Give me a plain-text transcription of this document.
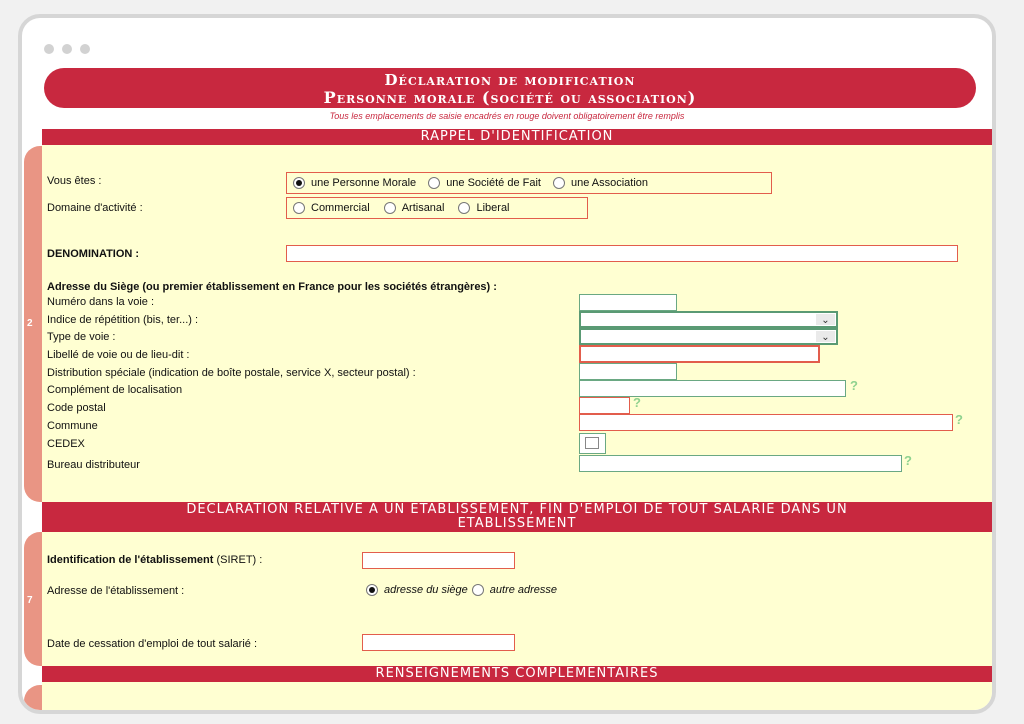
Déclaration de modification
Personne morale (société ou association)
Tous les emplacements de saisie encadrés en rouge doivent obligatoirement être remplis
RAPPEL D'IDENTIFICATION
2
Vous êtes :	une Personne Morale	une Société de Fait	une Association
Domaine d'activité :	Commercial	Artisanal	Liberal
DENOMINATION :
Adresse du Siège (ou premier établissement en France pour les sociétés étrangères) :
Numéro dans la voie :
Indice de répétition (bis, ter...) :	⌄
Type de voie :	⌄
Libellé de voie ou de lieu-dit :
Distribution spéciale (indication de boîte postale, service X, secteur postal) :
Complément de localisation	?
Code postal	?
Commune	?
CEDEX
Bureau distributeur	?
DECLARATION RELATIVE A UN ETABLISSEMENT, FIN D'EMPLOI DE TOUT SALARIE DANS UN
ETABLISSEMENT
7
Identification de l'établissement (SIRET) :
Adresse de l'établissement :	adresse du siège autre adresse
Date de cessation d'emploi de tout salarié :
RENSEIGNEMENTS COMPLEMENTAIRES
